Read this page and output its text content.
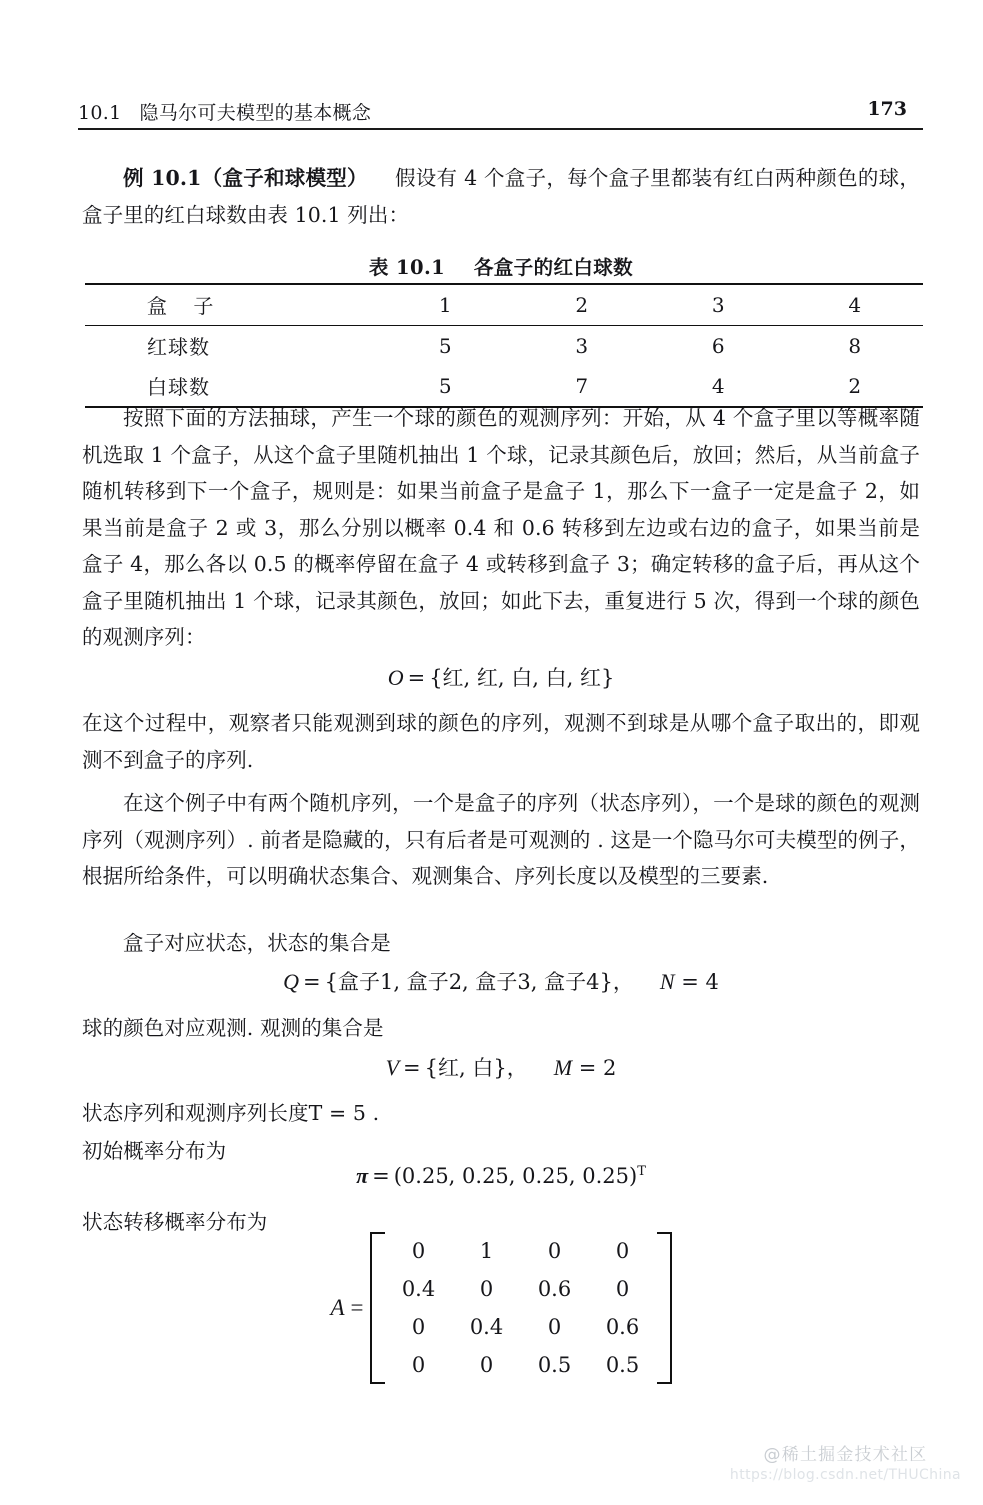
10.1 隐马尔可夫模型的基本概念	173

例 10.1（盒子和球模型） 假设有 4 个盒子，每个盒子里都装有红白两种颜色的球，盒子里的红白球数由表 10.1 列出：

表 10.1 各盒子的红白球数
盒 子	1	2	3	4
红球数	5	3	6	8
白球数	5	7	4	2

按照下面的方法抽球，产生一个球的颜色的观测序列：开始，从 4 个盒子里以等概率随机选取 1 个盒子，从这个盒子里随机抽出 1 个球，记录其颜色后，放回；然后，从当前盒子随机转移到下一个盒子，规则是：如果当前盒子是盒子 1，那么下一盒子一定是盒子 2，如果当前是盒子 2 或 3，那么分别以概率 0.4 和 0.6 转移到左边或右边的盒子，如果当前是盒子 4，那么各以 0.5 的概率停留在盒子 4 或转移到盒子 3；确定转移的盒子后，再从这个盒子里随机抽出 1 个球，记录其颜色，放回；如此下去，重复进行 5 次，得到一个球的颜色的观测序列：

O = {红, 红, 白, 白, 红}

在这个过程中，观察者只能观测到球的颜色的序列，观测不到球是从哪个盒子取出的，即观测不到盒子的序列.

在这个例子中有两个随机序列，一个是盒子的序列（状态序列），一个是球的颜色的观测序列（观测序列）. 前者是隐藏的，只有后者是可观测的 . 这是一个隐马尔可夫模型的例子，根据所给条件，可以明确状态集合、观测集合、序列长度以及模型的三要素.

盒子对应状态，状态的集合是

Q = {盒子1, 盒子2, 盒子3, 盒子4}， N = 4

球的颜色对应观测. 观测的集合是

V = {红, 白}， M = 2

状态序列和观测序列长度T = 5 .

初始概率分布为

π = (0.25, 0.25, 0.25, 0.25)$^T$

状态转移概率分布为

A =
0	1	0	0
0.4	0	0.6	0
0	0.4	0	0.6
0	0	0.5	0.5
@稀土掘金技术社区
https://blog.csdn.net/THUChina
